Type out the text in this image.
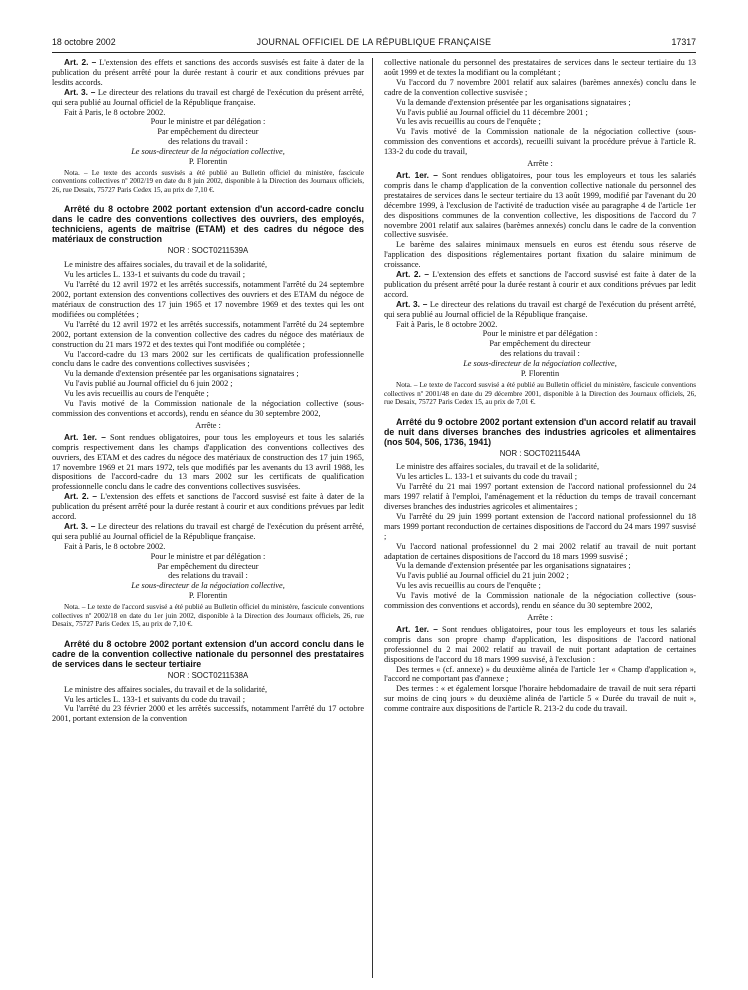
18 octobre 2002	JOURNAL OFFICIEL DE LA RÉPUBLIQUE FRANÇAISE	17317

Art. 2. – L'extension des effets et sanctions des accords susvisés est faite à dater de la publication du présent arrêté pour la durée restant à courir et aux conditions prévues par lesdits accords.

Art. 3. – Le directeur des relations du travail est chargé de l'exécution du présent arrêté, qui sera publié au Journal officiel de la République française.

Fait à Paris, le 8 octobre 2002.

Pour le ministre et par délégation :

Par empêchement du directeur

des relations du travail :

Le sous-directeur de la négociation collective,

P. Florentin

Nota. – Le texte des accords susvisés a été publié au Bulletin officiel du ministère, fascicule conventions collectives nº 2002/19 en date du 8 juin 2002, disponible à la Direction des Journaux officiels, 26, rue Desaix, 75727 Paris Cedex 15, au prix de 7,10 €.

Arrêté du 8 octobre 2002 portant extension d'un accord-cadre conclu dans le cadre des conventions collectives des ouvriers, des employés, techniciens, agents de maîtrise (ETAM) et des cadres du négoce des matériaux de construction

NOR : SOCT0211539A

Le ministre des affaires sociales, du travail et de la solidarité,

Vu les articles L. 133-1 et suivants du code du travail ;

Vu l'arrêté du 12 avril 1972 et les arrêtés successifs, notamment l'arrêté du 24 septembre 2002, portant extension des conventions collectives des ouvriers et des ETAM du négoce de matériaux de construction des 17 juin 1965 et 17 novembre 1969 et des textes qui les ont modifiées ou complétées ;

Vu l'arrêté du 12 avril 1972 et les arrêtés successifs, notamment l'arrêté du 24 septembre 2002, portant extension de la convention collective des cadres du négoce des matériaux de construction du 21 mars 1972 et des textes qui l'ont modifiée ou complétée ;

Vu l'accord-cadre du 13 mars 2002 sur les certificats de qualification professionnelle conclu dans le cadre des conventions collectives susvisées ;

Vu la demande d'extension présentée par les organisations signataires ;

Vu l'avis publié au Journal officiel du 6 juin 2002 ;

Vu les avis recueillis au cours de l'enquête ;

Vu l'avis motivé de la Commission nationale de la négociation collective (sous-commission des conventions et accords), rendu en séance du 30 septembre 2002,

Arrête :

Art. 1er. – Sont rendues obligatoires, pour tous les employeurs et tous les salariés compris respectivement dans les champs d'application des conventions collectives des ouvriers, des ETAM et des cadres du négoce des matériaux de construction des 17 juin 1965, 17 novembre 1969 et 21 mars 1972, tels que modifiés par les avenants du 13 avril 1988, les dispositions de l'accord-cadre du 13 mars 2002 sur les certificats de qualification professionnelle conclu dans le cadre des conventions collectives susvisées.

Art. 2. – L'extension des effets et sanctions de l'accord susvisé est faite à dater de la publication du présent arrêté pour la durée restant à courir et aux conditions prévues par ledit accord.

Art. 3. – Le directeur des relations du travail est chargé de l'exécution du présent arrêté, qui sera publié au Journal officiel de la République française.

Fait à Paris, le 8 octobre 2002.

Pour le ministre et par délégation :

Par empêchement du directeur

des relations du travail :

Le sous-directeur de la négociation collective,

P. Florentin

Nota. – Le texte de l'accord susvisé a été publié au Bulletin officiel du ministère, fascicule conventions collectives nº 2002/18 en date du 1er juin 2002, disponible à la Direction des Journaux officiels, 26, rue Desaix, 75727 Paris Cedex 15, au prix de 7,10 €.

Arrêté du 8 octobre 2002 portant extension d'un accord conclu dans le cadre de la convention collective nationale du personnel des prestataires de services dans le secteur tertiaire

NOR : SOCT0211538A

Le ministre des affaires sociales, du travail et de la solidarité,

Vu les articles L. 133-1 et suivants du code du travail ;

Vu l'arrêté du 23 février 2000 et les arrêtés successifs, notamment l'arrêté du 17 octobre 2001, portant extension de la convention

collective nationale du personnel des prestataires de services dans le secteur tertiaire du 13 août 1999 et de textes la modifiant ou la complétant ;

Vu l'accord du 7 novembre 2001 relatif aux salaires (barèmes annexés) conclu dans le cadre de la convention collective susvisée ;

Vu la demande d'extension présentée par les organisations signataires ;

Vu l'avis publié au Journal officiel du 11 décembre 2001 ;

Vu les avis recueillis au cours de l'enquête ;

Vu l'avis motivé de la Commission nationale de la négociation collective (sous-commission des conventions et accords), recueilli suivant la procédure prévue à l'article R. 133-2 du code du travail,

Arrête :

Art. 1er. – Sont rendues obligatoires, pour tous les employeurs et tous les salariés compris dans le champ d'application de la convention collective nationale du personnel des prestataires de services dans le secteur tertiaire du 13 août 1999, modifié par l'avenant du 20 décembre 1999, à l'exclusion de l'activité de traduction visée au paragraphe 4 de l'article 1er des dispositions communes de la convention collective, les dispositions de l'accord du 7 novembre 2001 relatif aux salaires (barèmes annexés) conclu dans le cadre de la convention collective susvisée.

Le barème des salaires minimaux mensuels en euros est étendu sous réserve de l'application des dispositions réglementaires portant fixation du salaire minimum de croissance.

Art. 2. – L'extension des effets et sanctions de l'accord susvisé est faite à dater de la publication du présent arrêté pour la durée restant à courir et aux conditions prévues par ledit accord.

Art. 3. – Le directeur des relations du travail est chargé de l'exécution du présent arrêté, qui sera publié au Journal officiel de la République française.

Fait à Paris, le 8 octobre 2002.

Pour le ministre et par délégation :

Par empêchement du directeur

des relations du travail :

Le sous-directeur de la négociation collective,

P. Florentin

Nota. – Le texte de l'accord susvisé a été publié au Bulletin officiel du ministère, fascicule conventions collectives nº 2001/48 en date du 29 décembre 2001, disponible à la Direction des Journaux officiels, 26, rue Desaix, 75727 Paris Cedex 15, au prix de 7,01 €.

Arrêté du 9 octobre 2002 portant extension d'un accord relatif au travail de nuit dans diverses branches des industries agricoles et alimentaires (nos 504, 506, 1736, 1941)

NOR : SOCT0211544A

Le ministre des affaires sociales, du travail et de la solidarité,

Vu les articles L. 133-1 et suivants du code du travail ;

Vu l'arrêté du 21 mai 1997 portant extension de l'accord national professionnel du 24 mars 1997 relatif à l'emploi, l'aménagement et la réduction du temps de travail concernant diverses branches des industries agricoles et alimentaires ;

Vu l'arrêté du 29 juin 1999 portant extension de l'accord national professionnel du 18 mars 1999 portant reconduction de certaines dispositions de l'accord du 24 mars 1997 susvisé ;

Vu l'accord national professionnel du 2 mai 2002 relatif au travail de nuit portant adaptation de certaines dispositions de l'accord du 18 mars 1999 susvisé ;

Vu la demande d'extension présentée par les organisations signataires ;

Vu l'avis publié au Journal officiel du 21 juin 2002 ;

Vu les avis recueillis au cours de l'enquête ;

Vu l'avis motivé de la Commission nationale de la négociation collective (sous-commission des conventions et accords), rendu en séance du 30 septembre 2002,

Arrête :

Art. 1er. – Sont rendues obligatoires, pour tous les employeurs et tous les salariés compris dans son propre champ d'application, les dispositions de l'accord national professionnel du 2 mai 2002 relatif au travail de nuit portant adaptation de certaines dispositions de l'accord du 18 mars 1999 susvisé, à l'exclusion :

Des termes « (cf. annexe) » du deuxième alinéa de l'article 1er « Champ d'application », l'accord ne comportant pas d'annexe ;

Des termes : « et également lorsque l'horaire hebdomadaire de travail de nuit sera réparti sur moins de cinq jours » du deuxième alinéa de l'article 5 « Durée du travail de nuit », comme contraire aux dispositions de l'article R. 213-2 du code du travail.
